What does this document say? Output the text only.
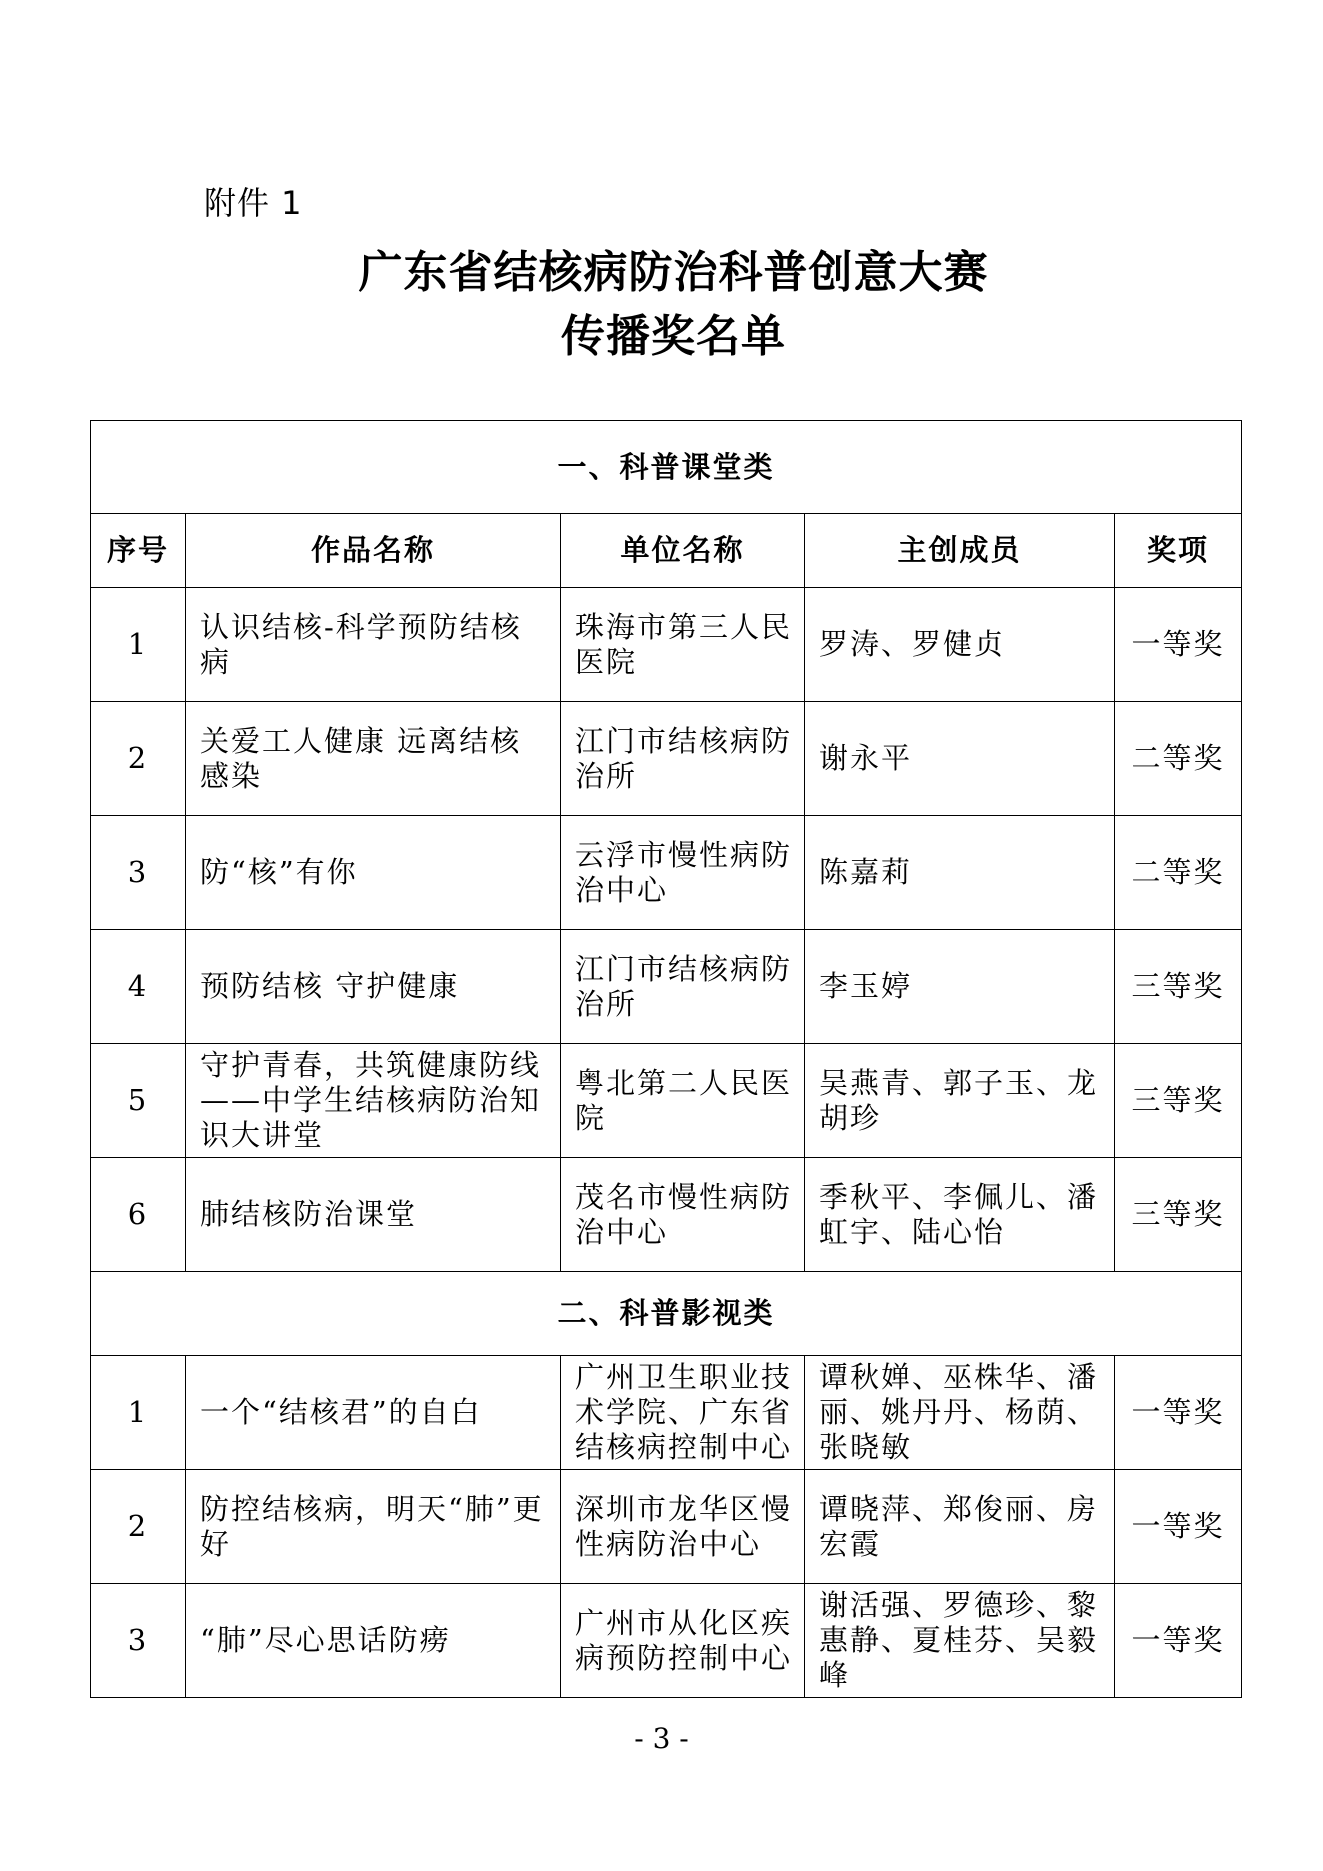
附件 1
广东省结核病防治科普创意大赛
传播奖名单
一、科普课堂类				
序号	作品名称	单位名称	主创成员	奖项
1	认识结核-科学预防结核病	珠海市第三人民医院	罗涛、罗健贞	一等奖
2	关爱工人健康 远离结核感染	江门市结核病防治所	谢永平	二等奖
3	防“核”有你	云浮市慢性病防治中心	陈嘉莉	二等奖
4	预防结核 守护健康	江门市结核病防治所	李玉婷	三等奖
5	守护青春，共筑健康防线——中学生结核病防治知识大讲堂	粤北第二人民医院	吴燕青、郭子玉、龙胡珍	三等奖
6	肺结核防治课堂	茂名市慢性病防治中心	季秋平、李佩儿、潘虹宇、陆心怡	三等奖
二、科普影视类				
1	一个“结核君”的自白	广州卫生职业技术学院、广东省结核病控制中心	谭秋婵、巫株华、潘丽、姚丹丹、杨荫、张晓敏	一等奖
2	防控结核病，明天“肺”更好	深圳市龙华区慢性病防治中心	谭晓萍、郑俊丽、房宏霞	一等奖
3	“肺”尽心思话防痨	广州市从化区疾病预防控制中心	谢活强、罗德珍、黎惠静、夏桂芬、吴毅峰	一等奖
- 3 -
